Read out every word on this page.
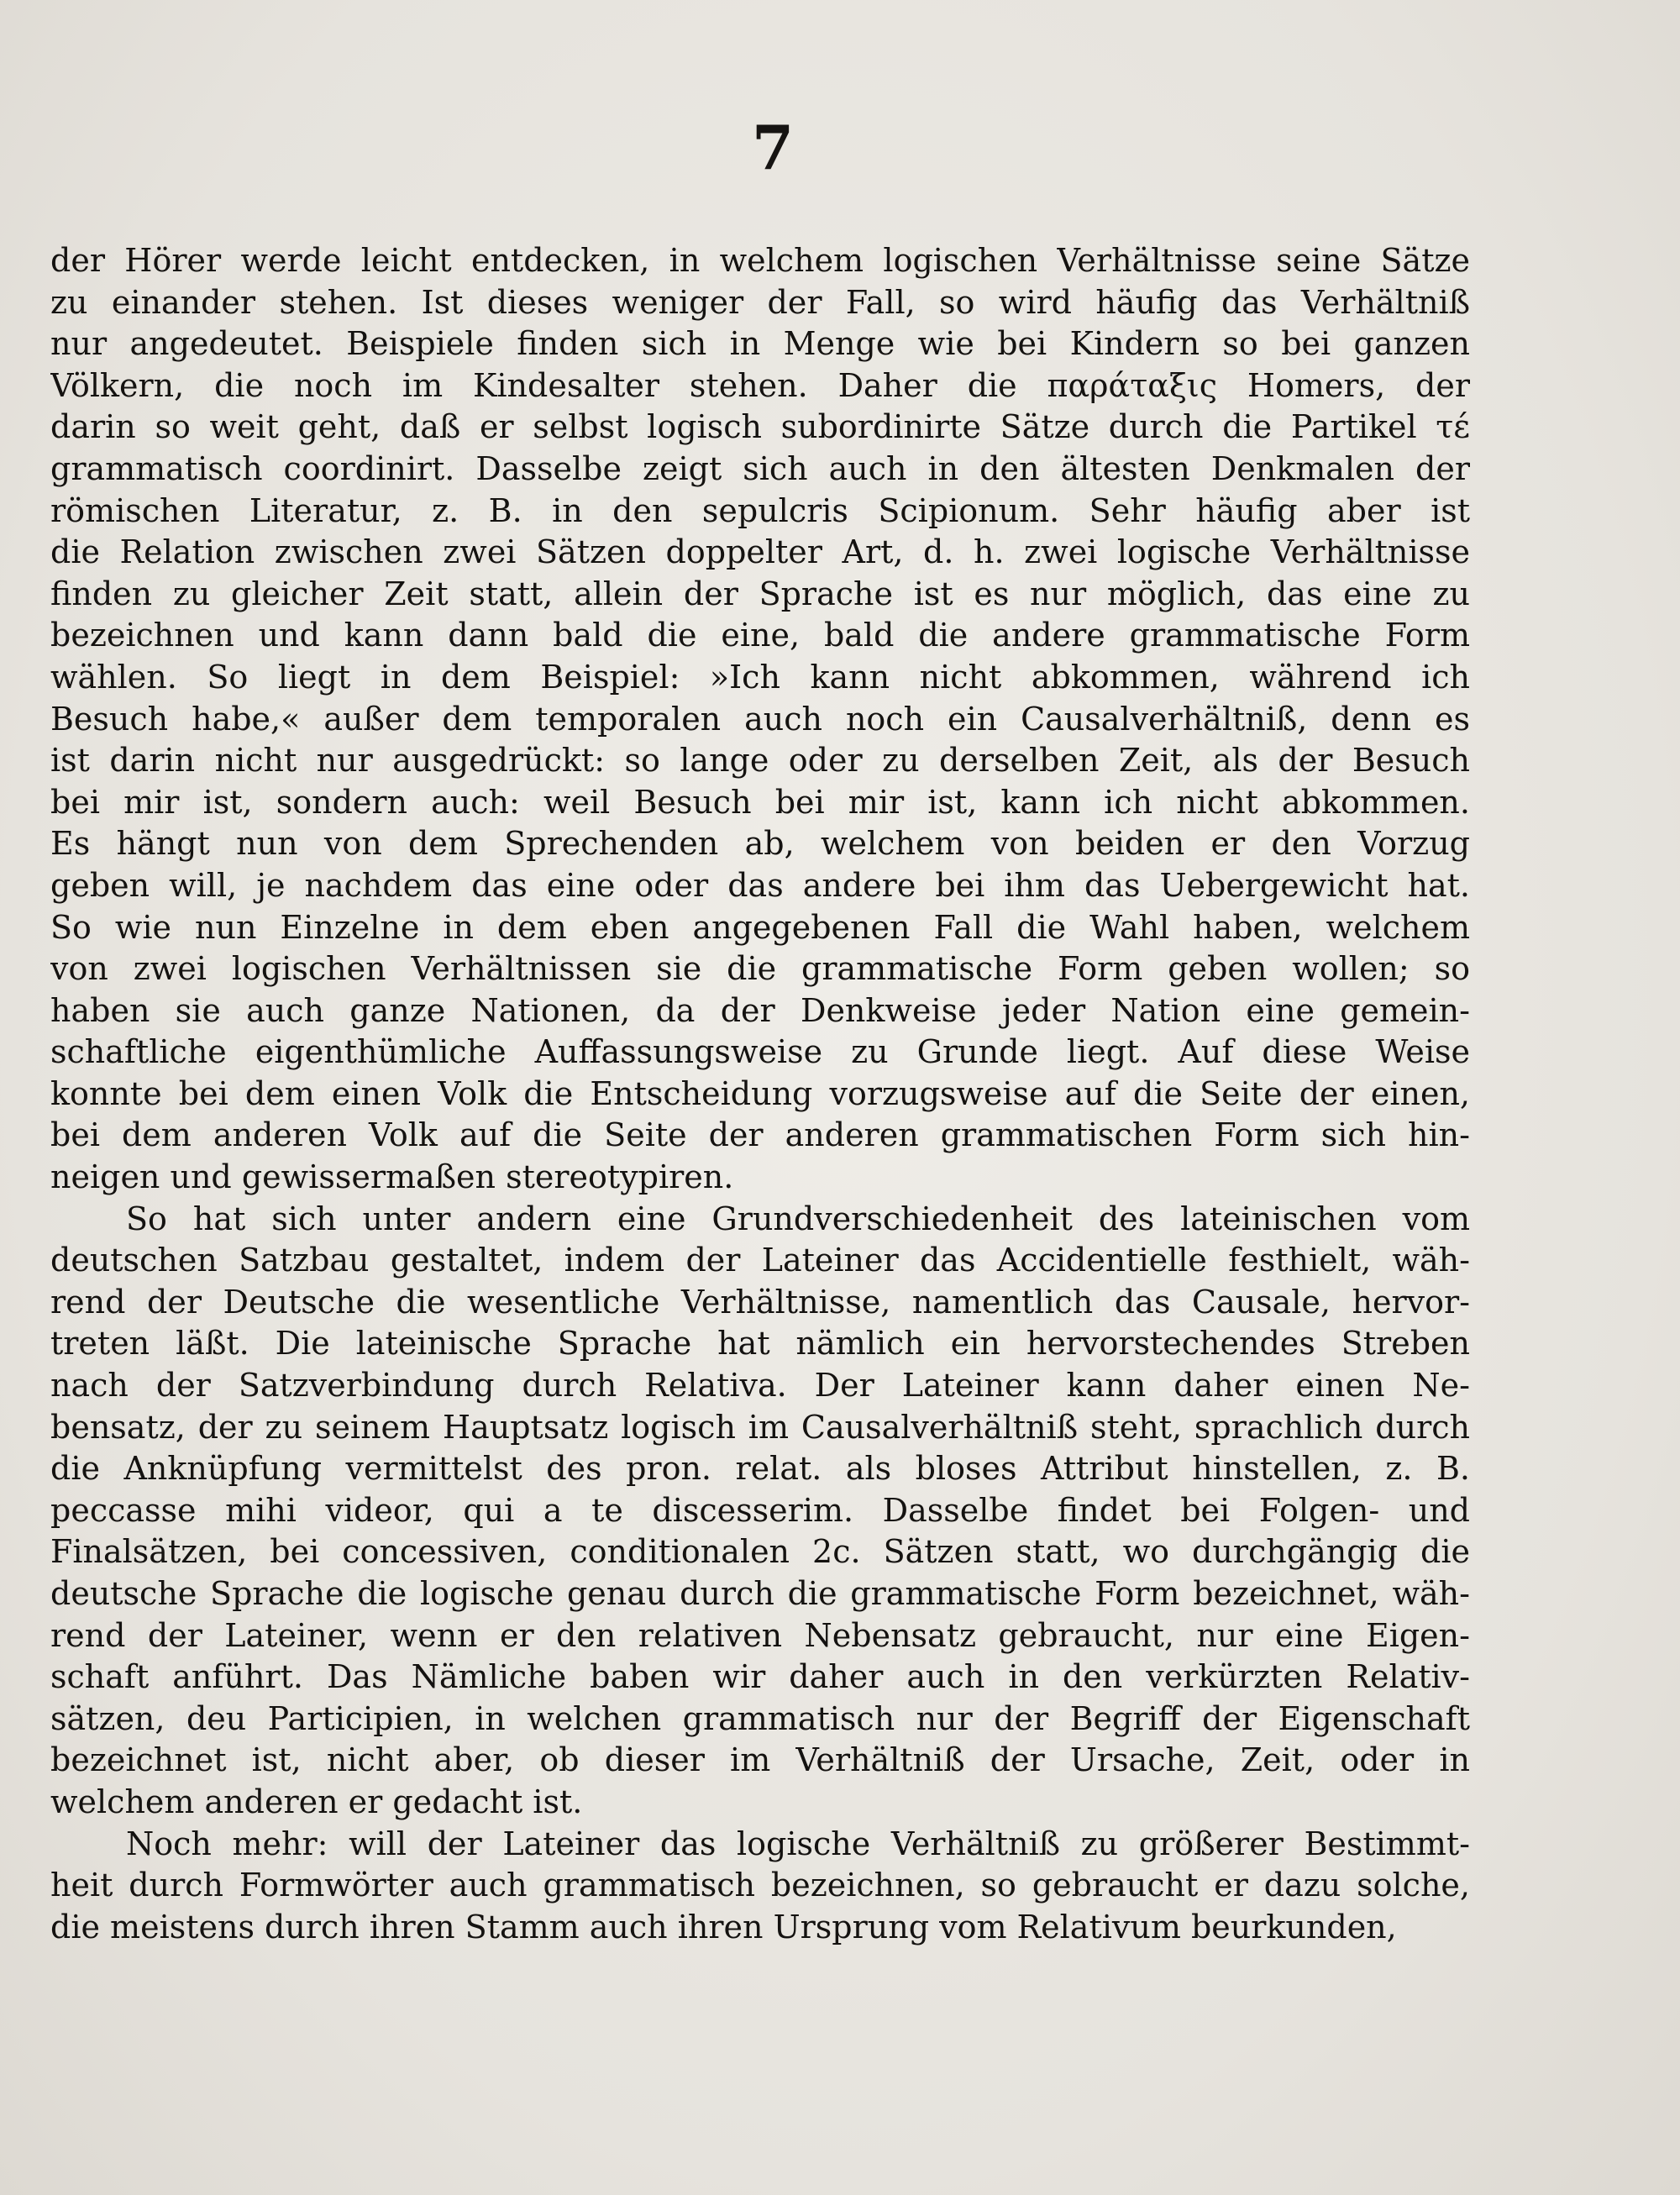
7
der Hörer werde leicht entdecken, in welchem logischen Verhältnisse seine Sätze
zu einander stehen. Ist dieses weniger der Fall, so wird häufig das Verhältniß
nur angedeutet. Beispiele finden sich in Menge wie bei Kindern so bei ganzen
Völkern, die noch im Kindesalter stehen. Daher die παράταξις Homers, der
darin so weit geht, daß er selbst logisch subordinirte Sätze durch die Partikel τέ
grammatisch coordinirt. Dasselbe zeigt sich auch in den ältesten Denkmalen der
römischen Literatur, z. B. in den sepulcris Scipionum. Sehr häufig aber ist
die Relation zwischen zwei Sätzen doppelter Art, d. h. zwei logische Verhältnisse
finden zu gleicher Zeit statt, allein der Sprache ist es nur möglich, das eine zu
bezeichnen und kann dann bald die eine, bald die andere grammatische Form
wählen. So liegt in dem Beispiel: »Ich kann nicht abkommen, während ich
Besuch habe,« außer dem temporalen auch noch ein Causalverhältniß, denn es
ist darin nicht nur ausgedrückt: so lange oder zu derselben Zeit, als der Besuch
bei mir ist, sondern auch: weil Besuch bei mir ist, kann ich nicht abkommen.
Es hängt nun von dem Sprechenden ab, welchem von beiden er den Vorzug
geben will, je nachdem das eine oder das andere bei ihm das Uebergewicht hat.
So wie nun Einzelne in dem eben angegebenen Fall die Wahl haben, welchem
von zwei logischen Verhältnissen sie die grammatische Form geben wollen; so
haben sie auch ganze Nationen, da der Denkweise jeder Nation eine gemein-
schaftliche eigenthümliche Auffassungsweise zu Grunde liegt. Auf diese Weise
konnte bei dem einen Volk die Entscheidung vorzugsweise auf die Seite der einen,
bei dem anderen Volk auf die Seite der anderen grammatischen Form sich hin-
neigen und gewissermaßen stereotypiren.
So hat sich unter andern eine Grundverschiedenheit des lateinischen vom
deutschen Satzbau gestaltet, indem der Lateiner das Accidentielle festhielt, wäh-
rend der Deutsche die wesentliche Verhältnisse, namentlich das Causale, hervor-
treten läßt. Die lateinische Sprache hat nämlich ein hervorstechendes Streben
nach der Satzverbindung durch Relativa. Der Lateiner kann daher einen Ne-
bensatz, der zu seinem Hauptsatz logisch im Causalverhältniß steht, sprachlich durch
die Anknüpfung vermittelst des pron. relat. als bloses Attribut hinstellen, z. B.
peccasse mihi videor, qui a te discesserim. Dasselbe findet bei Folgen- und
Finalsätzen, bei concessiven, conditionalen 2c. Sätzen statt, wo durchgängig die
deutsche Sprache die logische genau durch die grammatische Form bezeichnet, wäh-
rend der Lateiner, wenn er den relativen Nebensatz gebraucht, nur eine Eigen-
schaft anführt. Das Nämliche baben wir daher auch in den verkürzten Relativ-
sätzen, deu Participien, in welchen grammatisch nur der Begriff der Eigenschaft
bezeichnet ist, nicht aber, ob dieser im Verhältniß der Ursache, Zeit, oder in
welchem anderen er gedacht ist.
Noch mehr: will der Lateiner das logische Verhältniß zu größerer Bestimmt-
heit durch Formwörter auch grammatisch bezeichnen, so gebraucht er dazu solche,
die meistens durch ihren Stamm auch ihren Ursprung vom Relativum beurkunden,
